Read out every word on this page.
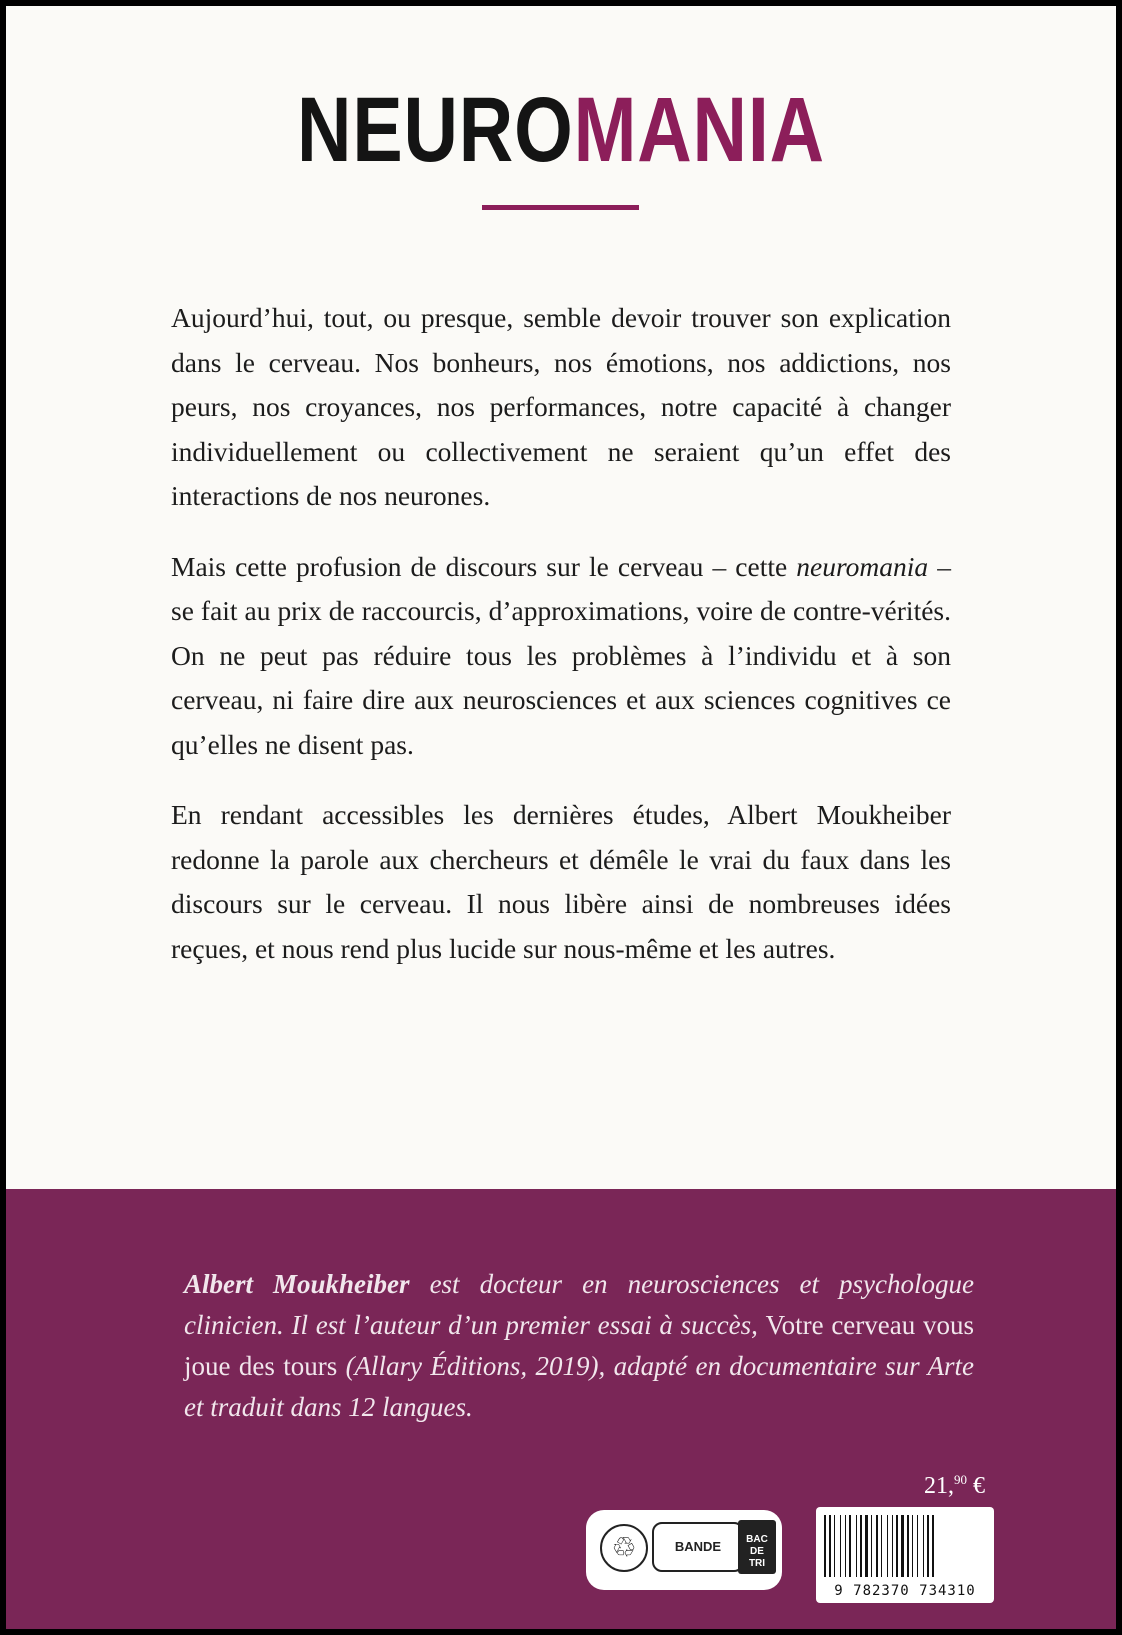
NEUROMANIA

Aujourd’hui, tout, ou presque, semble devoir trouver son explication dans le cerveau. Nos bonheurs, nos émotions, nos addictions, nos peurs, nos croyances, nos performances, notre capacité à changer individuellement ou collectivement ne seraient qu’un effet des interactions de nos neurones.

Mais cette profusion de discours sur le cerveau – cette neuromania – se fait au prix de raccourcis, d’approximations, voire de contre-vérités. On ne peut pas réduire tous les problèmes à l’individu et à son cerveau, ni faire dire aux neurosciences et aux sciences cognitives ce qu’elles ne disent pas.

En rendant accessibles les dernières études, Albert Moukheiber redonne la parole aux chercheurs et démêle le vrai du faux dans les discours sur le cerveau. Il nous libère ainsi de nombreuses idées reçues, et nous rend plus lucide sur nous-même et les autres.

Albert Moukheiber est docteur en neurosciences et psychologue clinicien. Il est l’auteur d’un premier essai à succès, Votre cerveau vous joue des tours (Allary Éditions, 2019), adapté en documentaire sur Arte et traduit dans 12 langues.
21,90 €
♲	BANDE	BAC
DE
TRI
9 782370 734310
